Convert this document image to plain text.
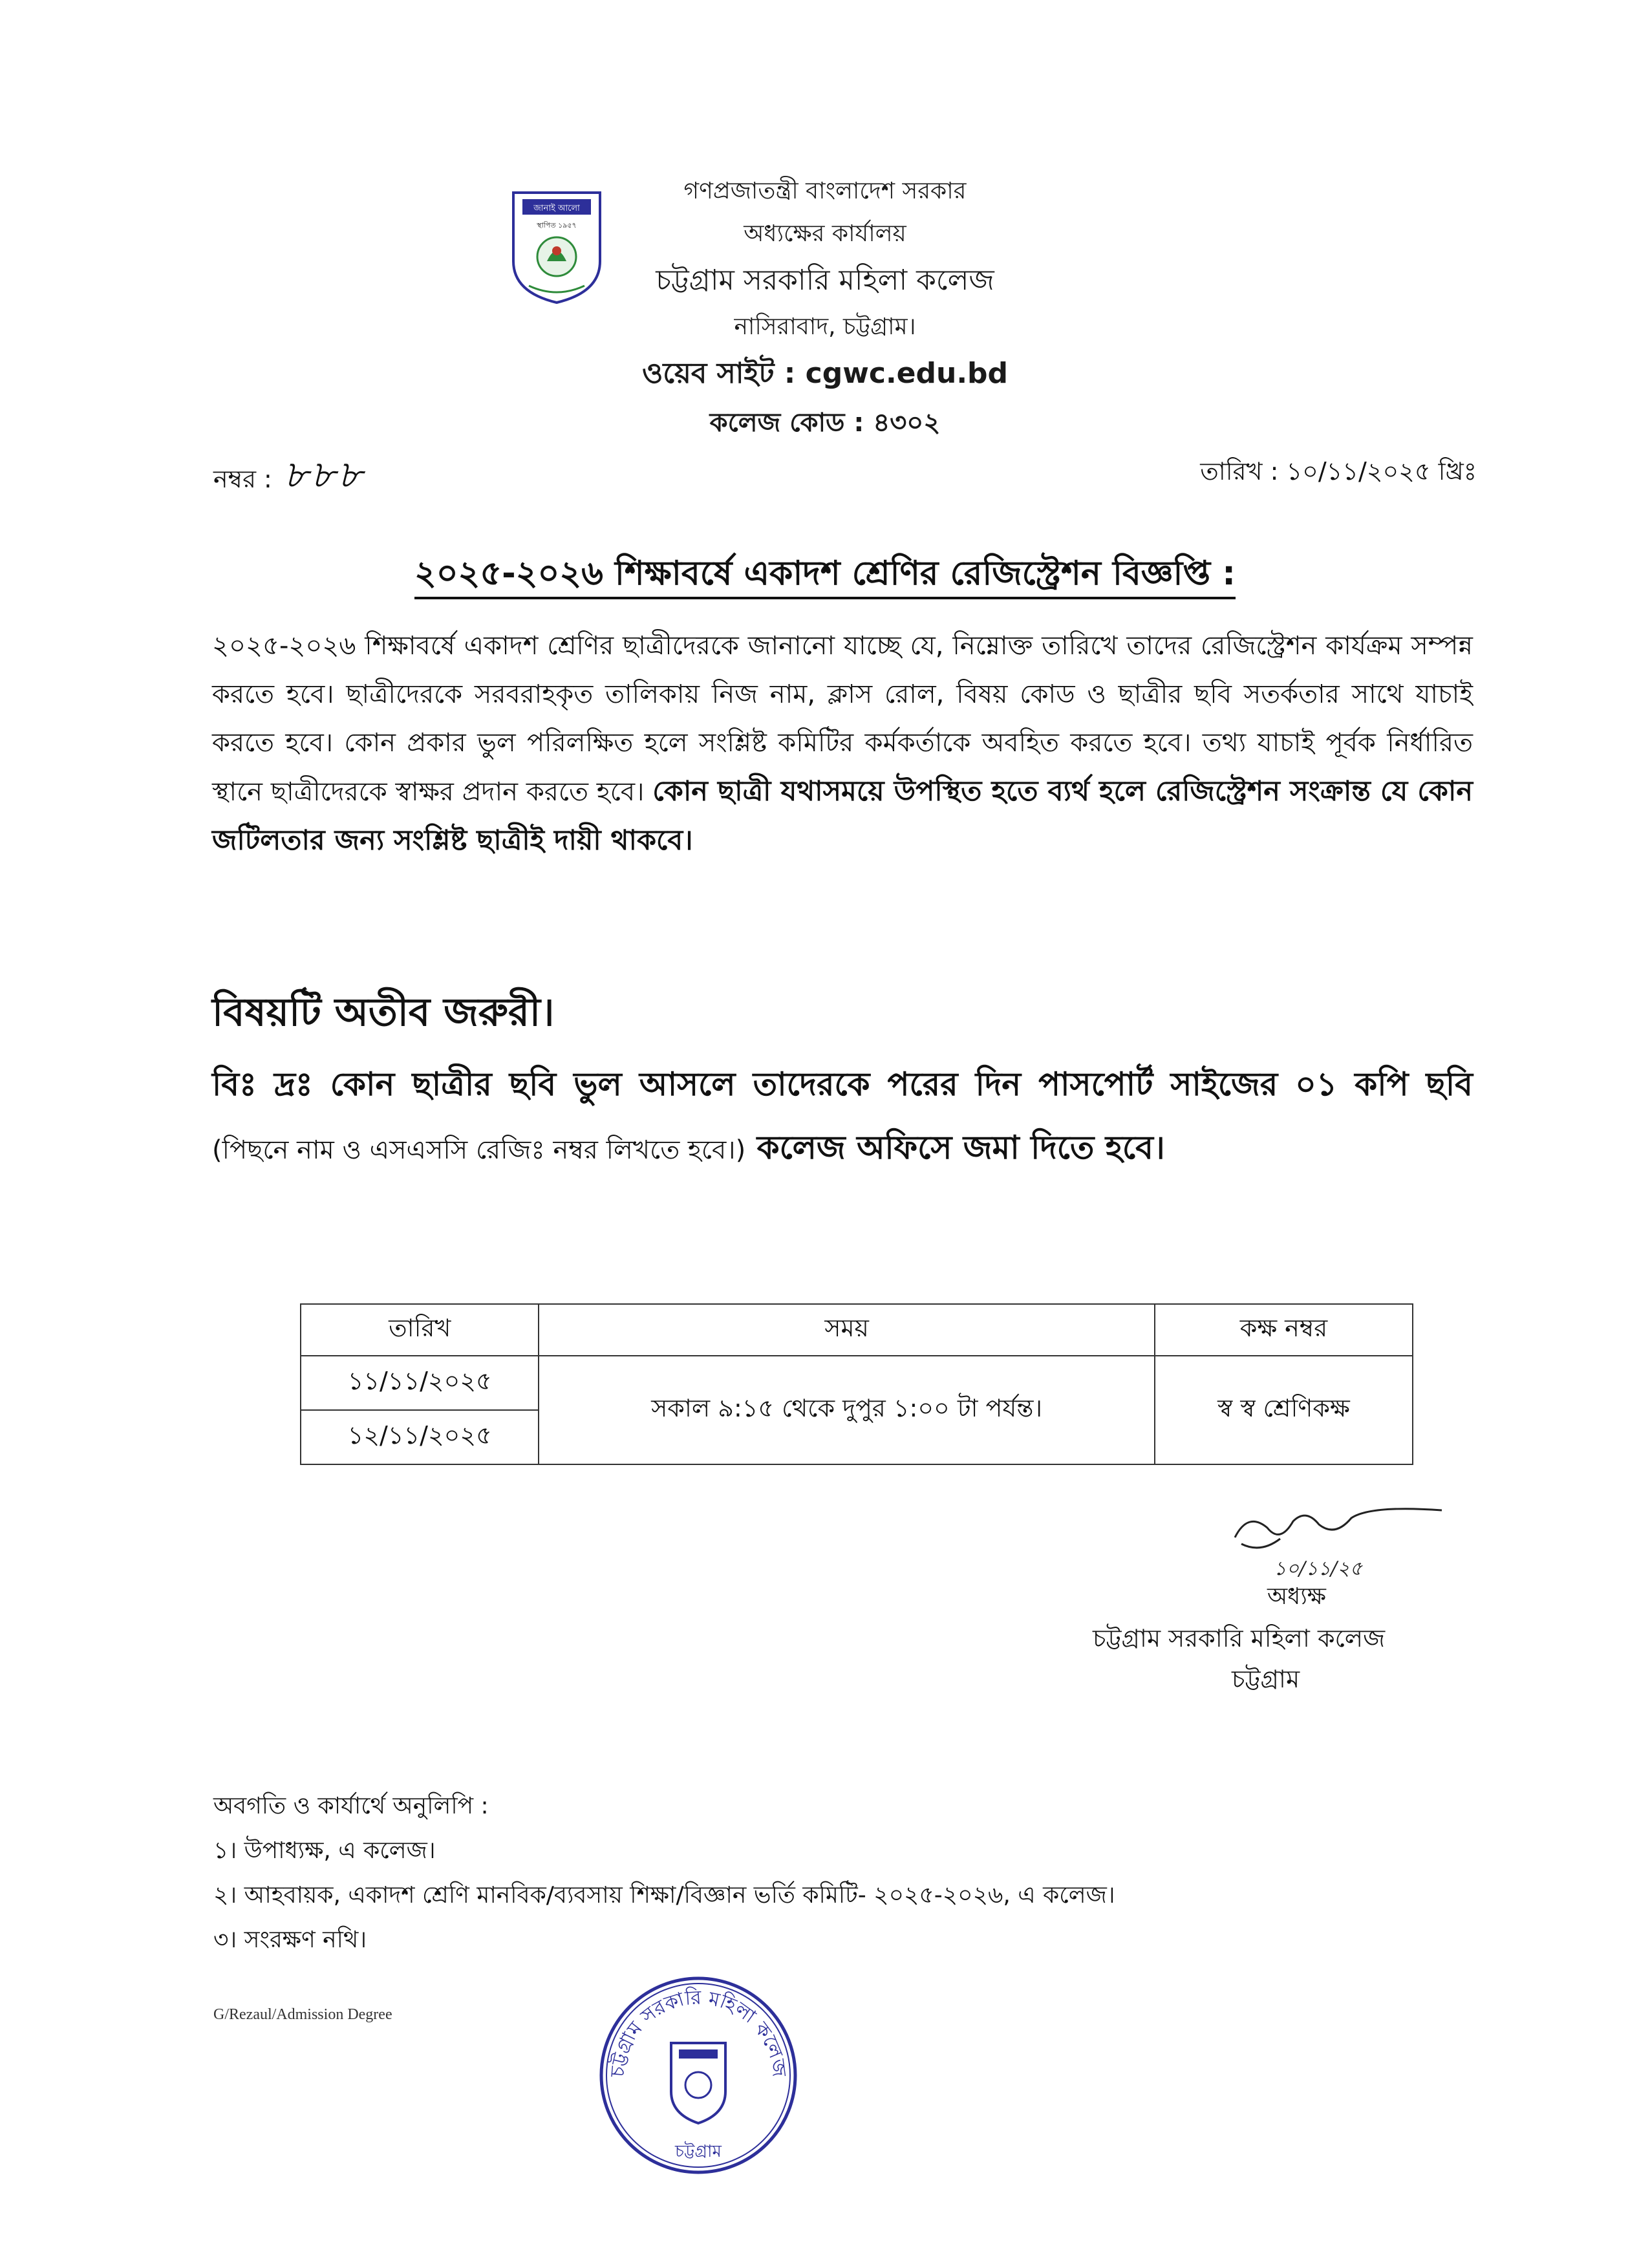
জানাই আলো
স্থাপিত ১৯৫৭
গণপ্রজাতন্ত্রী বাংলাদেশ সরকার
অধ্যক্ষের কার্যালয়
চট্টগ্রাম সরকারি মহিলা কলেজ
নাসিরাবাদ, চট্টগ্রাম।
ওয়েব সাইট : cgwc.edu.bd
কলেজ কোড : ৪৩০২
নম্বর : ৮৮৮	তারিখ : ১০/১১/২০২৫ খ্রিঃ
২০২৫-২০২৬ শিক্ষাবর্ষে একাদশ শ্রেণির রেজিস্ট্রেশন বিজ্ঞপ্তি :
২০২৫-২০২৬ শিক্ষাবর্ষে একাদশ শ্রেণির ছাত্রীদেরকে জানানো যাচ্ছে যে, নিম্নোক্ত তারিখে তাদের রেজিস্ট্রেশন কার্যক্রম সম্পন্ন করতে হবে। ছাত্রীদেরকে সরবরাহকৃত তালিকায় নিজ নাম, ক্লাস রোল, বিষয় কোড ও ছাত্রীর ছবি সতর্কতার সাথে যাচাই করতে হবে। কোন প্রকার ভুল পরিলক্ষিত হলে সংশ্লিষ্ট কমিটির কর্মকর্তাকে অবহিত করতে হবে। তথ্য যাচাই পূর্বক নির্ধারিত স্থানে ছাত্রীদেরকে স্বাক্ষর প্রদান করতে হবে। কোন ছাত্রী যথাসময়ে উপস্থিত হতে ব্যর্থ হলে রেজিস্ট্রেশন সংক্রান্ত যে কোন জটিলতার জন্য সংশ্লিষ্ট ছাত্রীই দায়ী থাকবে।
বিষয়টি অতীব জরুরী।
বিঃ দ্রঃ কোন ছাত্রীর ছবি ভুল আসলে তাদেরকে পরের দিন পাসপোর্ট সাইজের ০১ কপি ছবি (পিছনে নাম ও এসএসসি রেজিঃ নম্বর লিখতে হবে।) কলেজ অফিসে জমা দিতে হবে।
তারিখ	সময়	কক্ষ নম্বর
১১/১১/২০২৫	সকাল ৯:১৫ থেকে দুপুর ১:০০ টা পর্যন্ত।	স্ব স্ব শ্রেণিকক্ষ
১২/১১/২০২৫		
১০/১১/২৫
অধ্যক্ষ
চট্টগ্রাম সরকারি মহিলা কলেজ
চট্টগ্রাম
অবগতি ও কার্যার্থে অনুলিপি :
১। উপাধ্যক্ষ, এ কলেজ।
২। আহবায়ক, একাদশ শ্রেণি মানবিক/ব্যবসায় শিক্ষা/বিজ্ঞান ভর্তি কমিটি- ২০২৫-২০২৬, এ কলেজ।
৩। সংরক্ষণ নথি।
G/Rezaul/Admission Degree
চট্টগ্রাম সরকারি মহিলা কলেজ
চট্টগ্রাম
